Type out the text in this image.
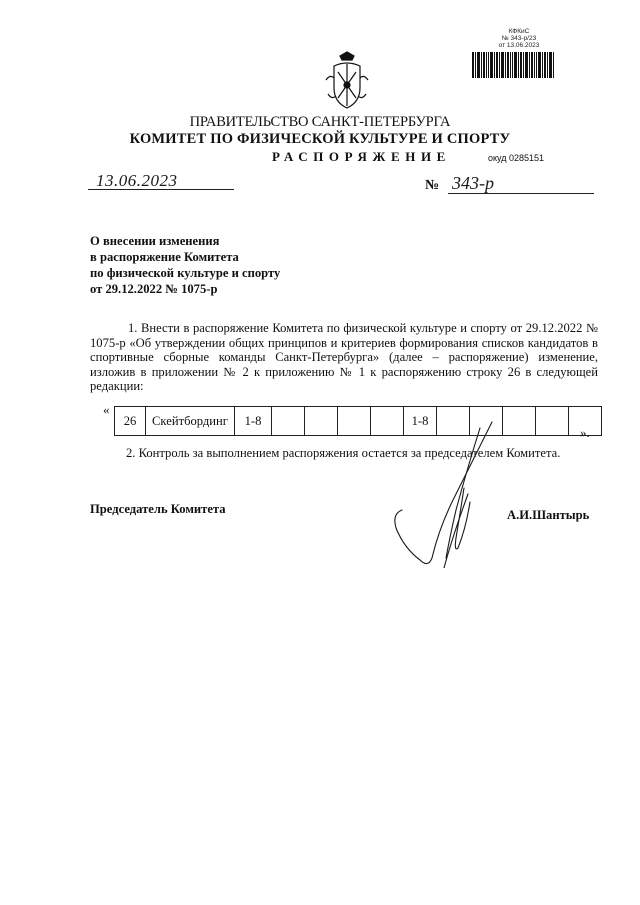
КФКиС
№ 343-р/23
от 13.06.2023
ПРАВИТЕЛЬСТВО САНКТ-ПЕТЕРБУРГА
КОМИТЕТ ПО ФИЗИЧЕСКОЙ КУЛЬТУРЕ И СПОРТУ
РАСПОРЯЖЕНИЕ	окуд 0285151
13.06.2023	№ 343-р
О внесении изменения
в распоряжение Комитета
по физической культуре и спорту
от 29.12.2022 № 1075-р
1. Внести в распоряжение Комитета по физической культуре и спорту от 29.12.2022 № 1075-р «Об утверждении общих принципов и критериев формирования списков кандидатов в спортивные сборные команды Санкт-Петербурга» (далее – распоряжение) изменение, изложив в приложении № 2 к приложению № 1 к распоряжению строку 26 в следующей редакции:
«
26	Скейтбординг	1-8					1-8					
».
2. Контроль за выполнением распоряжения остается за председателем Комитета.
Председатель Комитета	А.И.Шантырь
